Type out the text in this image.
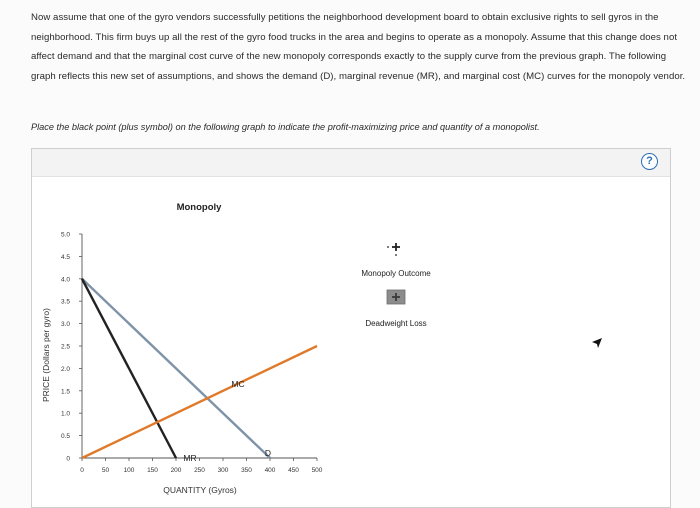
Now assume that one of the gyro vendors successfully petitions the neighborhood development board to obtain exclusive rights to sell gyros in the neighborhood. This firm buys up all the rest of the gyro food trucks in the area and begins to operate as a monopoly. Assume that this change does not affect demand and that the marginal cost curve of the new monopoly corresponds exactly to the supply curve from the previous graph. The following graph reflects this new set of assumptions, and shows the demand (D), marginal revenue (MR), and marginal cost (MC) curves for the monopoly vendor.
Place the black point (plus symbol) on the following graph to indicate the profit-maximizing price and quantity of a monopolist.
?
Monopoly
0	50 100 150 200 250 300 350 400 450 500
0
0.5
1.0
1.5
2.0
2.5
3.0
3.5
4.0
4.5
5.0
QUANTITY (Gyros)
PRICE (Dollars per gyro)
D
MR
MC
Monopoly Outcome
Deadweight Loss
